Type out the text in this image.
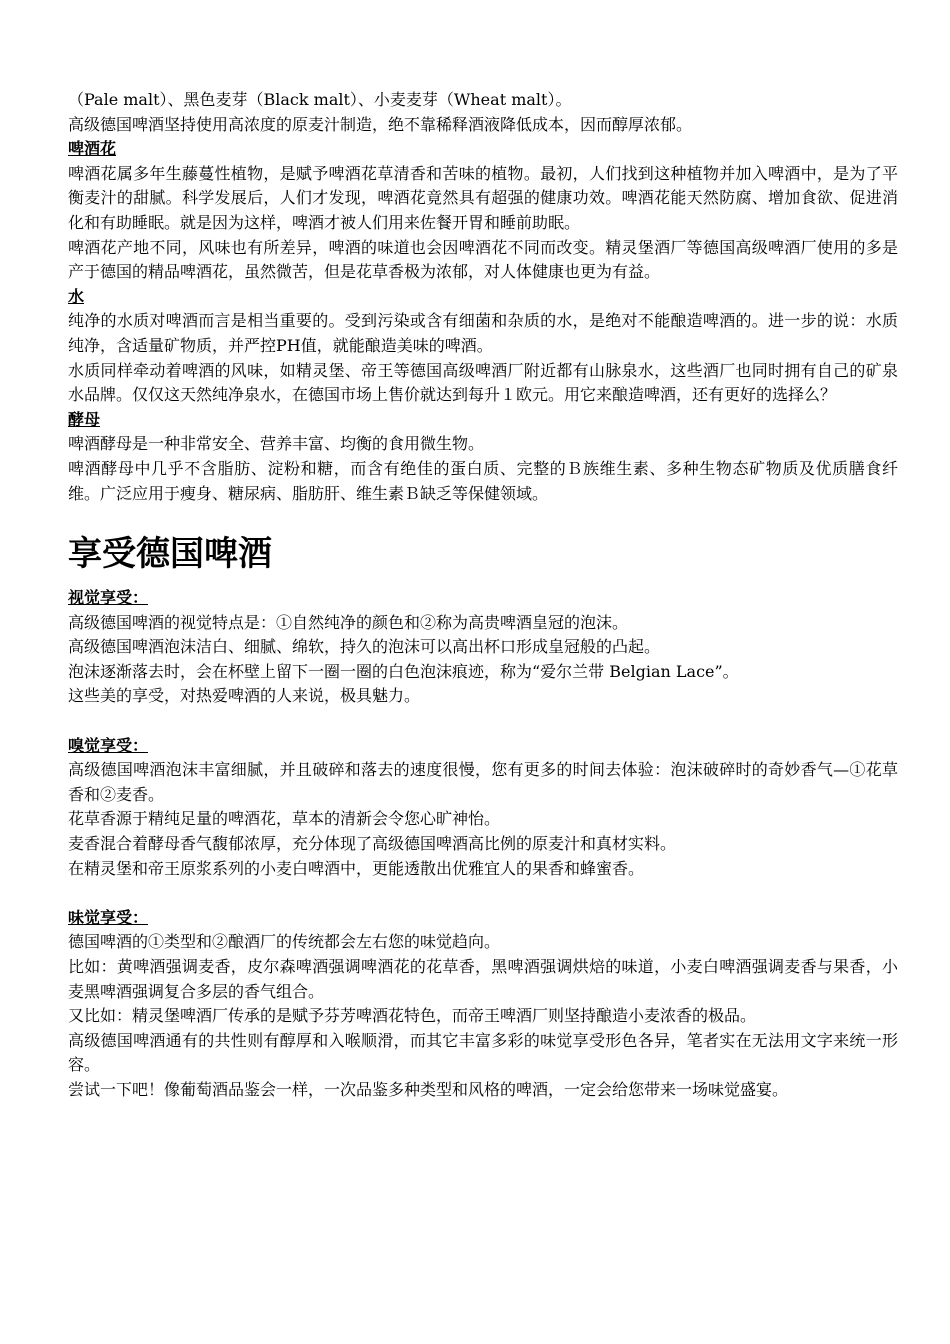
（Pale malt）、黑色麦芽（Black malt）、小麦麦芽（Wheat malt）。

高级德国啤酒坚持使用高浓度的原麦汁制造，绝不靠稀释酒液降低成本，因而醇厚浓郁。

啤酒花

啤酒花属多年生藤蔓性植物，是赋予啤酒花草清香和苦味的植物。最初，人们找到这种植物并加入啤酒中，是为了平衡麦汁的甜腻。科学发展后，人们才发现，啤酒花竟然具有超强的健康功效。啤酒花能天然防腐、增加食欲、促进消化和有助睡眠。就是因为这样，啤酒才被人们用来佐餐开胃和睡前助眠。

啤酒花产地不同，风味也有所差异，啤酒的味道也会因啤酒花不同而改变。精灵堡酒厂等德国高级啤酒厂使用的多是产于德国的精品啤酒花，虽然微苦，但是花草香极为浓郁，对人体健康也更为有益。

水

纯净的水质对啤酒而言是相当重要的。受到污染或含有细菌和杂质的水，是绝对不能酿造啤酒的。进一步的说：水质纯净，含适量矿物质，并严控PH值，就能酿造美味的啤酒。

水质同样牵动着啤酒的风味，如精灵堡、帝王等德国高级啤酒厂附近都有山脉泉水，这些酒厂也同时拥有自己的矿泉水品牌。仅仅这天然纯净泉水，在德国市场上售价就达到每升１欧元。用它来酿造啤酒，还有更好的选择么？

酵母

啤酒酵母是一种非常安全、营养丰富、均衡的食用微生物。

啤酒酵母中几乎不含脂肪、淀粉和糖，而含有绝佳的蛋白质、完整的Ｂ族维生素、多种生物态矿物质及优质膳食纤维。广泛应用于瘦身、糖尿病、脂肪肝、维生素Ｂ缺乏等保健领域。

享受德国啤酒
视觉享受：

高级德国啤酒的视觉特点是：①自然纯净的颜色和②称为高贵啤酒皇冠的泡沫。

高级德国啤酒泡沫洁白、细腻、绵软，持久的泡沫可以高出杯口形成皇冠般的凸起。

泡沫逐渐落去时，会在杯壁上留下一圈一圈的白色泡沫痕迹，称为“爱尔兰带 Belgian Lace”。

这些美的享受，对热爱啤酒的人来说，极具魅力。

嗅觉享受：

高级德国啤酒泡沫丰富细腻，并且破碎和落去的速度很慢，您有更多的时间去体验：泡沫破碎时的奇妙香气—①花草香和②麦香。

花草香源于精纯足量的啤酒花，草本的清新会令您心旷神怡。

麦香混合着酵母香气馥郁浓厚，充分体现了高级德国啤酒高比例的原麦汁和真材实料。

在精灵堡和帝王原浆系列的小麦白啤酒中，更能透散出优雅宜人的果香和蜂蜜香。

味觉享受：

德国啤酒的①类型和②酿酒厂的传统都会左右您的味觉趋向。

比如：黄啤酒强调麦香，皮尔森啤酒强调啤酒花的花草香，黑啤酒强调烘焙的味道，小麦白啤酒强调麦香与果香，小麦黑啤酒强调复合多层的香气组合。

又比如：精灵堡啤酒厂传承的是赋予芬芳啤酒花特色，而帝王啤酒厂则坚持酿造小麦浓香的极品。

高级德国啤酒通有的共性则有醇厚和入喉顺滑，而其它丰富多彩的味觉享受形色各异，笔者实在无法用文字来统一形容。

尝试一下吧！像葡萄酒品鉴会一样，一次品鉴多种类型和风格的啤酒，一定会给您带来一场味觉盛宴。
